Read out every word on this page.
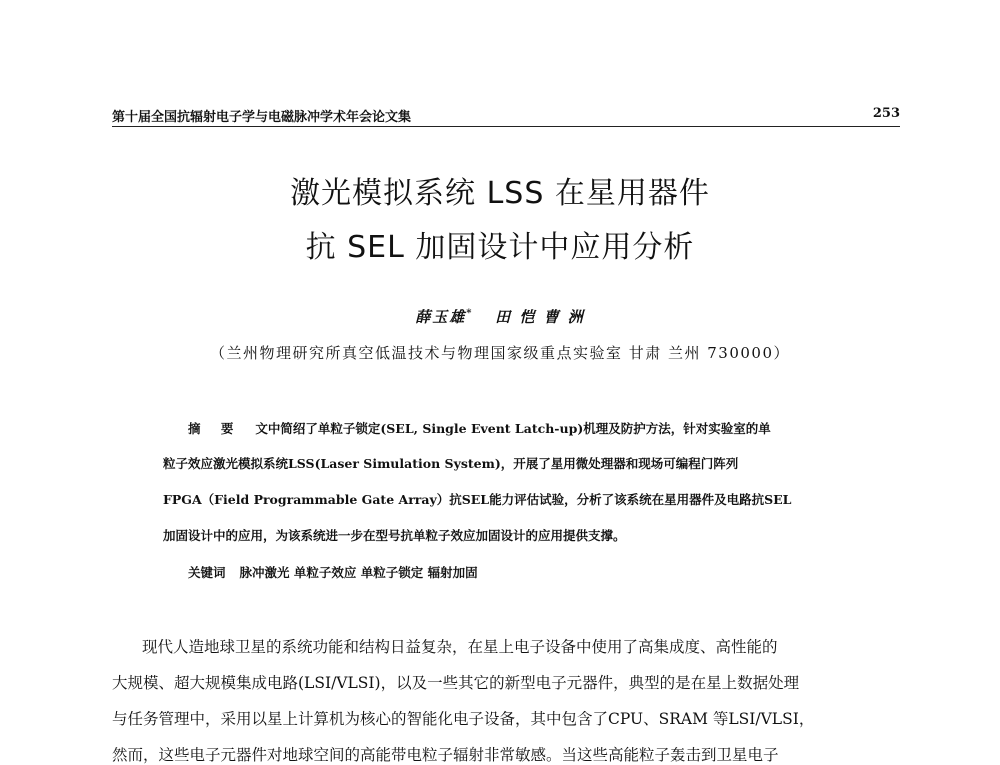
第十届全国抗辐射电子学与电磁脉冲学术年会论文集	253
激光模拟系统 LSS 在星用器件
抗 SEL 加固设计中应用分析
薛玉雄* 田 恺 曹 洲
（兰州物理研究所真空低温技术与物理国家级重点实验室 甘肃 兰州 730000）
摘 要 文中简绍了单粒子锁定(SEL, Single Event Latch-up)机理及防护方法，针对实验室的单
粒子效应激光模拟系统LSS(Laser Simulation System)，开展了星用微处理器和现场可编程门阵列
FPGA（Field Programmable Gate Array）抗SEL能力评估试验，分析了该系统在星用器件及电路抗SEL
加固设计中的应用，为该系统进一步在型号抗单粒子效应加固设计的应用提供支撑。
关键词 脉冲激光 单粒子效应 单粒子锁定 辐射加固
现代人造地球卫星的系统功能和结构日益复杂，在星上电子设备中使用了高集成度、高性能的
大规模、超大规模集成电路(LSI/VLSI)，以及一些其它的新型电子元器件，典型的是在星上数据处理
与任务管理中，采用以星上计算机为核心的智能化电子设备，其中包含了CPU、SRAM 等LSI/VLSI，
然而，这些电子元器件对地球空间的高能带电粒子辐射非常敏感。当这些高能粒子轰击到卫星电子
